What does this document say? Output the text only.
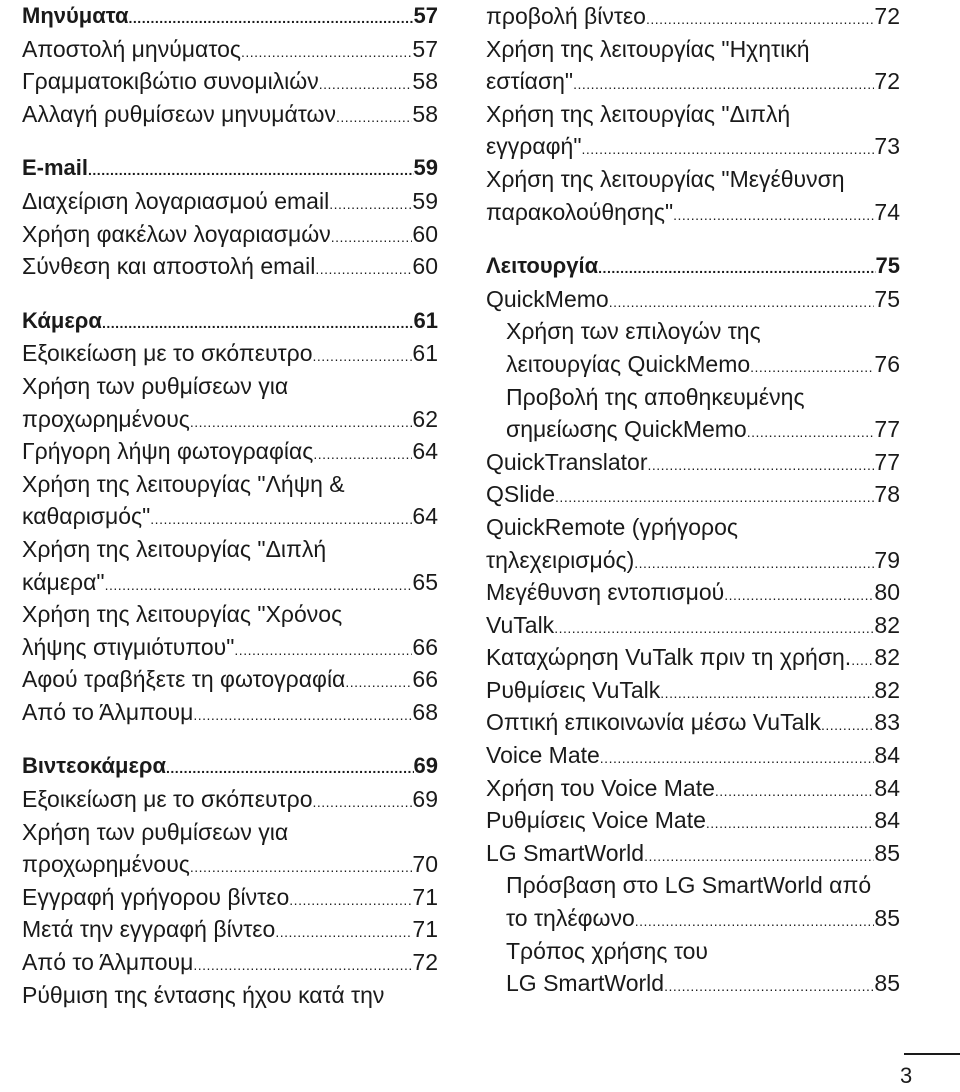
Μηνύματα .....	57
Αποστολή μηνύματος .....	57
Γραμματοκιβώτιο συνομιλιών .....	58
Αλλαγή ρυθμίσεων μηνυμάτων .....	58
E-mail .....	59
Διαχείριση λογαριασμού email .....	59
Χρήση φακέλων λογαριασμών .....	60
Σύνθεση και αποστολή email .....	60
Κάμερα .....	61
Εξοικείωση με το σκόπευτρο .....	61
Χρήση των ρυθμίσεων για
προχωρημένους .....	62
Γρήγορη λήψη φωτογραφίας .....	64
Χρήση της λειτουργίας "Λήψη &
καθαρισμός" .....	64
Χρήση της λειτουργίας "Διπλή
κάμερα" .....	65
Χρήση της λειτουργίας "Χρόνος
λήψης στιγμιότυπου" .....	66
Αφού τραβήξετε τη φωτογραφία .....	66
Από το Άλμπουμ .....	68
Βιντεοκάμερα .....	69
Εξοικείωση με το σκόπευτρο .....	69
Χρήση των ρυθμίσεων για
προχωρημένους .....	70
Εγγραφή γρήγορου βίντεο .....	71
Μετά την εγγραφή βίντεο .....	71
Από το Άλμπουμ .....	72
Ρύθμιση της έντασης ήχου κατά την
προβολή βίντεο .....	72
Χρήση της λειτουργίας "Ηχητική
εστίαση" .....	72
Χρήση της λειτουργίας "Διπλή
εγγραφή" .....	73
Χρήση της λειτουργίας "Μεγέθυνση
παρακολούθησης" .....	74
Λειτουργία .....	75
QuickMemo .....	75
Χρήση των επιλογών της
λειτουργίας QuickMemo .....	76
Προβολή της αποθηκευμένης
σημείωσης QuickMemo .....	77
QuickTranslator .....	77
QSlide .....	78
QuickRemote (γρήγορος
τηλεχειρισμός) .....	79
Μεγέθυνση εντοπισμού .....	80
VuTalk .....	82
Καταχώρηση VuTalk πριν τη χρήση. ..... 82
Ρυθμίσεις VuTalk .....	82
Οπτική επικοινωνία μέσω VuTalk ..... 83
Voice Mate .....	84
Χρήση του Voice Mate .....	84
Ρυθμίσεις Voice Mate .....	84
LG SmartWorld .....	85
Πρόσβαση στο LG SmartWorld από
το τηλέφωνο .....	85
Τρόπος χρήσης του
LG SmartWorld .....	85
3
